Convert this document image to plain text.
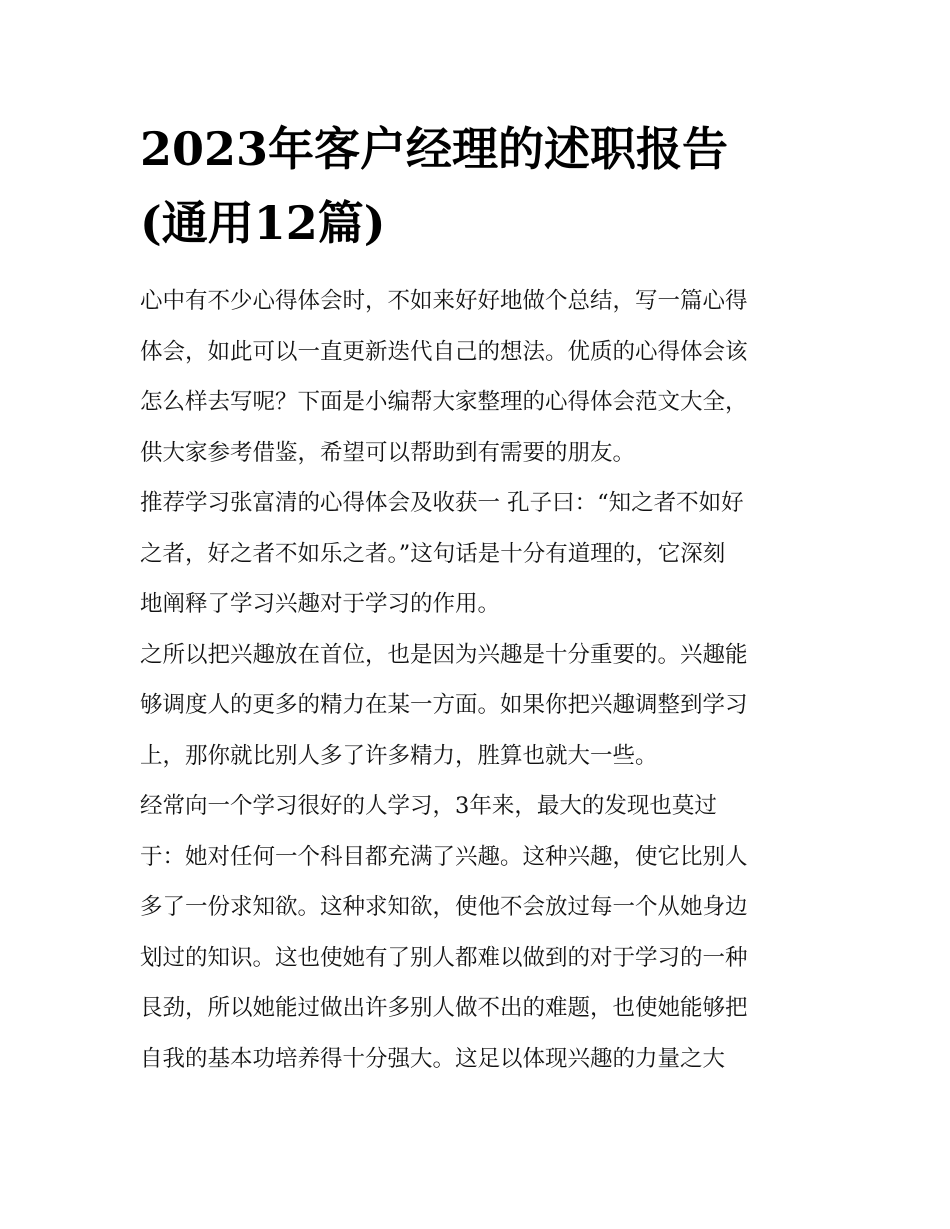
2023年客户经理的述职报告
(通用12篇)

心中有不少心得体会时，不如来好好地做个总结，写一篇心得
体会，如此可以一直更新迭代自己的想法。优质的心得体会该
怎么样去写呢？下面是小编帮大家整理的心得体会范文大全，
供大家参考借鉴，希望可以帮助到有需要的朋友。

推荐学习张富清的心得体会及收获一 孔子曰：“知之者不如好
之者，好之者不如乐之者。”这句话是十分有道理的，它深刻
地阐释了学习兴趣对于学习的作用。

之所以把兴趣放在首位，也是因为兴趣是十分重要的。兴趣能
够调度人的更多的精力在某一方面。如果你把兴趣调整到学习
上，那你就比别人多了许多精力，胜算也就大一些。

经常向一个学习很好的人学习，3年来，最大的发现也莫过
于：她对任何一个科目都充满了兴趣。这种兴趣，使它比别人
多了一份求知欲。这种求知欲，使他不会放过每一个从她身边
划过的知识。这也使她有了别人都难以做到的对于学习的一种
艮劲，所以她能过做出许多别人做不出的难题，也使她能够把
自我的基本功培养得十分强大。这足以体现兴趣的力量之大
